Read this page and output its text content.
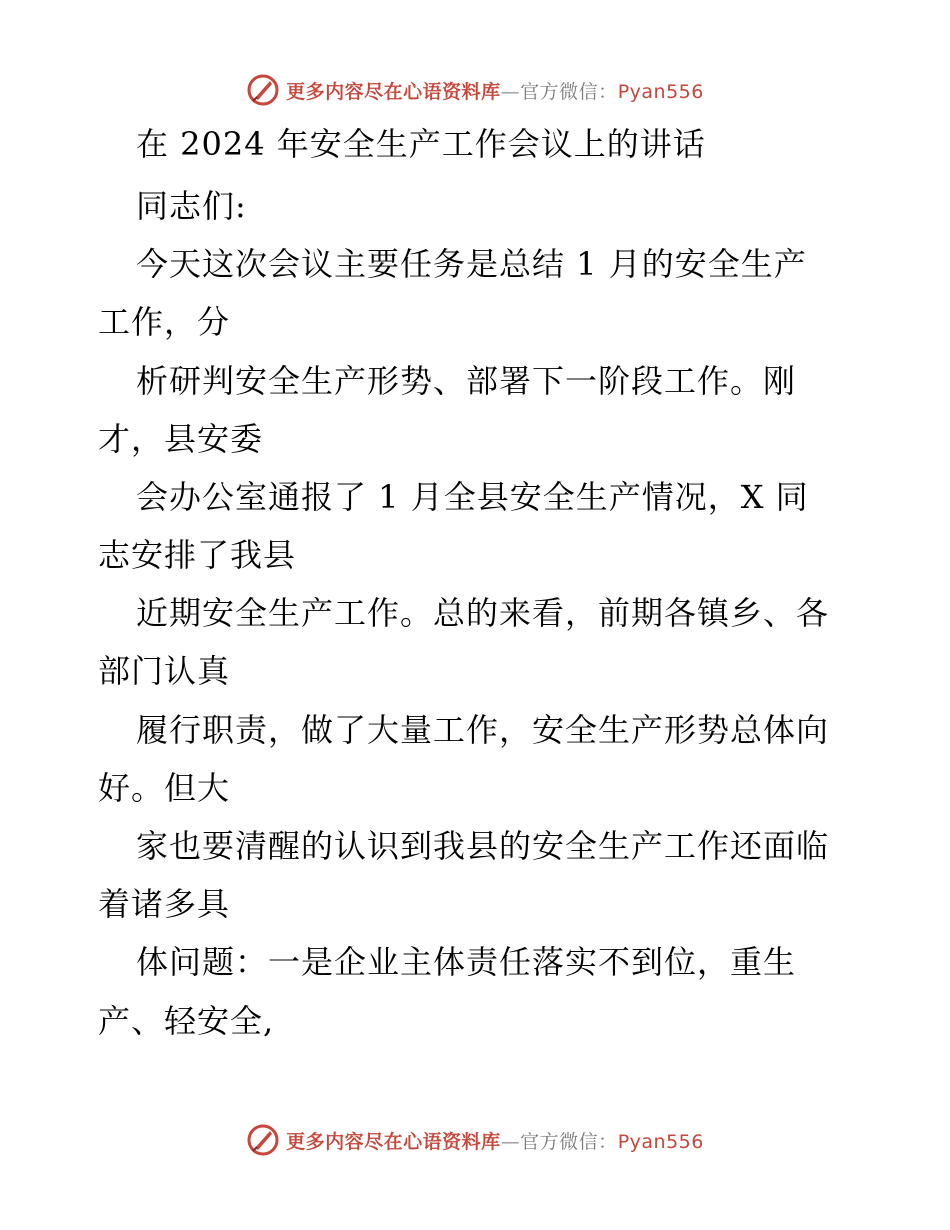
更多内容尽在心语资料库—官方微信：Pyan556
在 2024 年安全生产工作会议上的讲话
同志们:
今天这次会议主要任务是总结 1 月的安全生产
工作，分
析研判安全生产形势、部署下一阶段工作。刚
才，县安委
会办公室通报了 1 月全县安全生产情况，X 同
志安排了我县
近期安全生产工作。总的来看，前期各镇乡、各
部门认真
履行职责，做了大量工作，安全生产形势总体向
好。但大
家也要清醒的认识到我县的安全生产工作还面临
着诸多具
体问题：一是企业主体责任落实不到位，重生
产、轻安全,
更多内容尽在心语资料库—官方微信：Pyan556
